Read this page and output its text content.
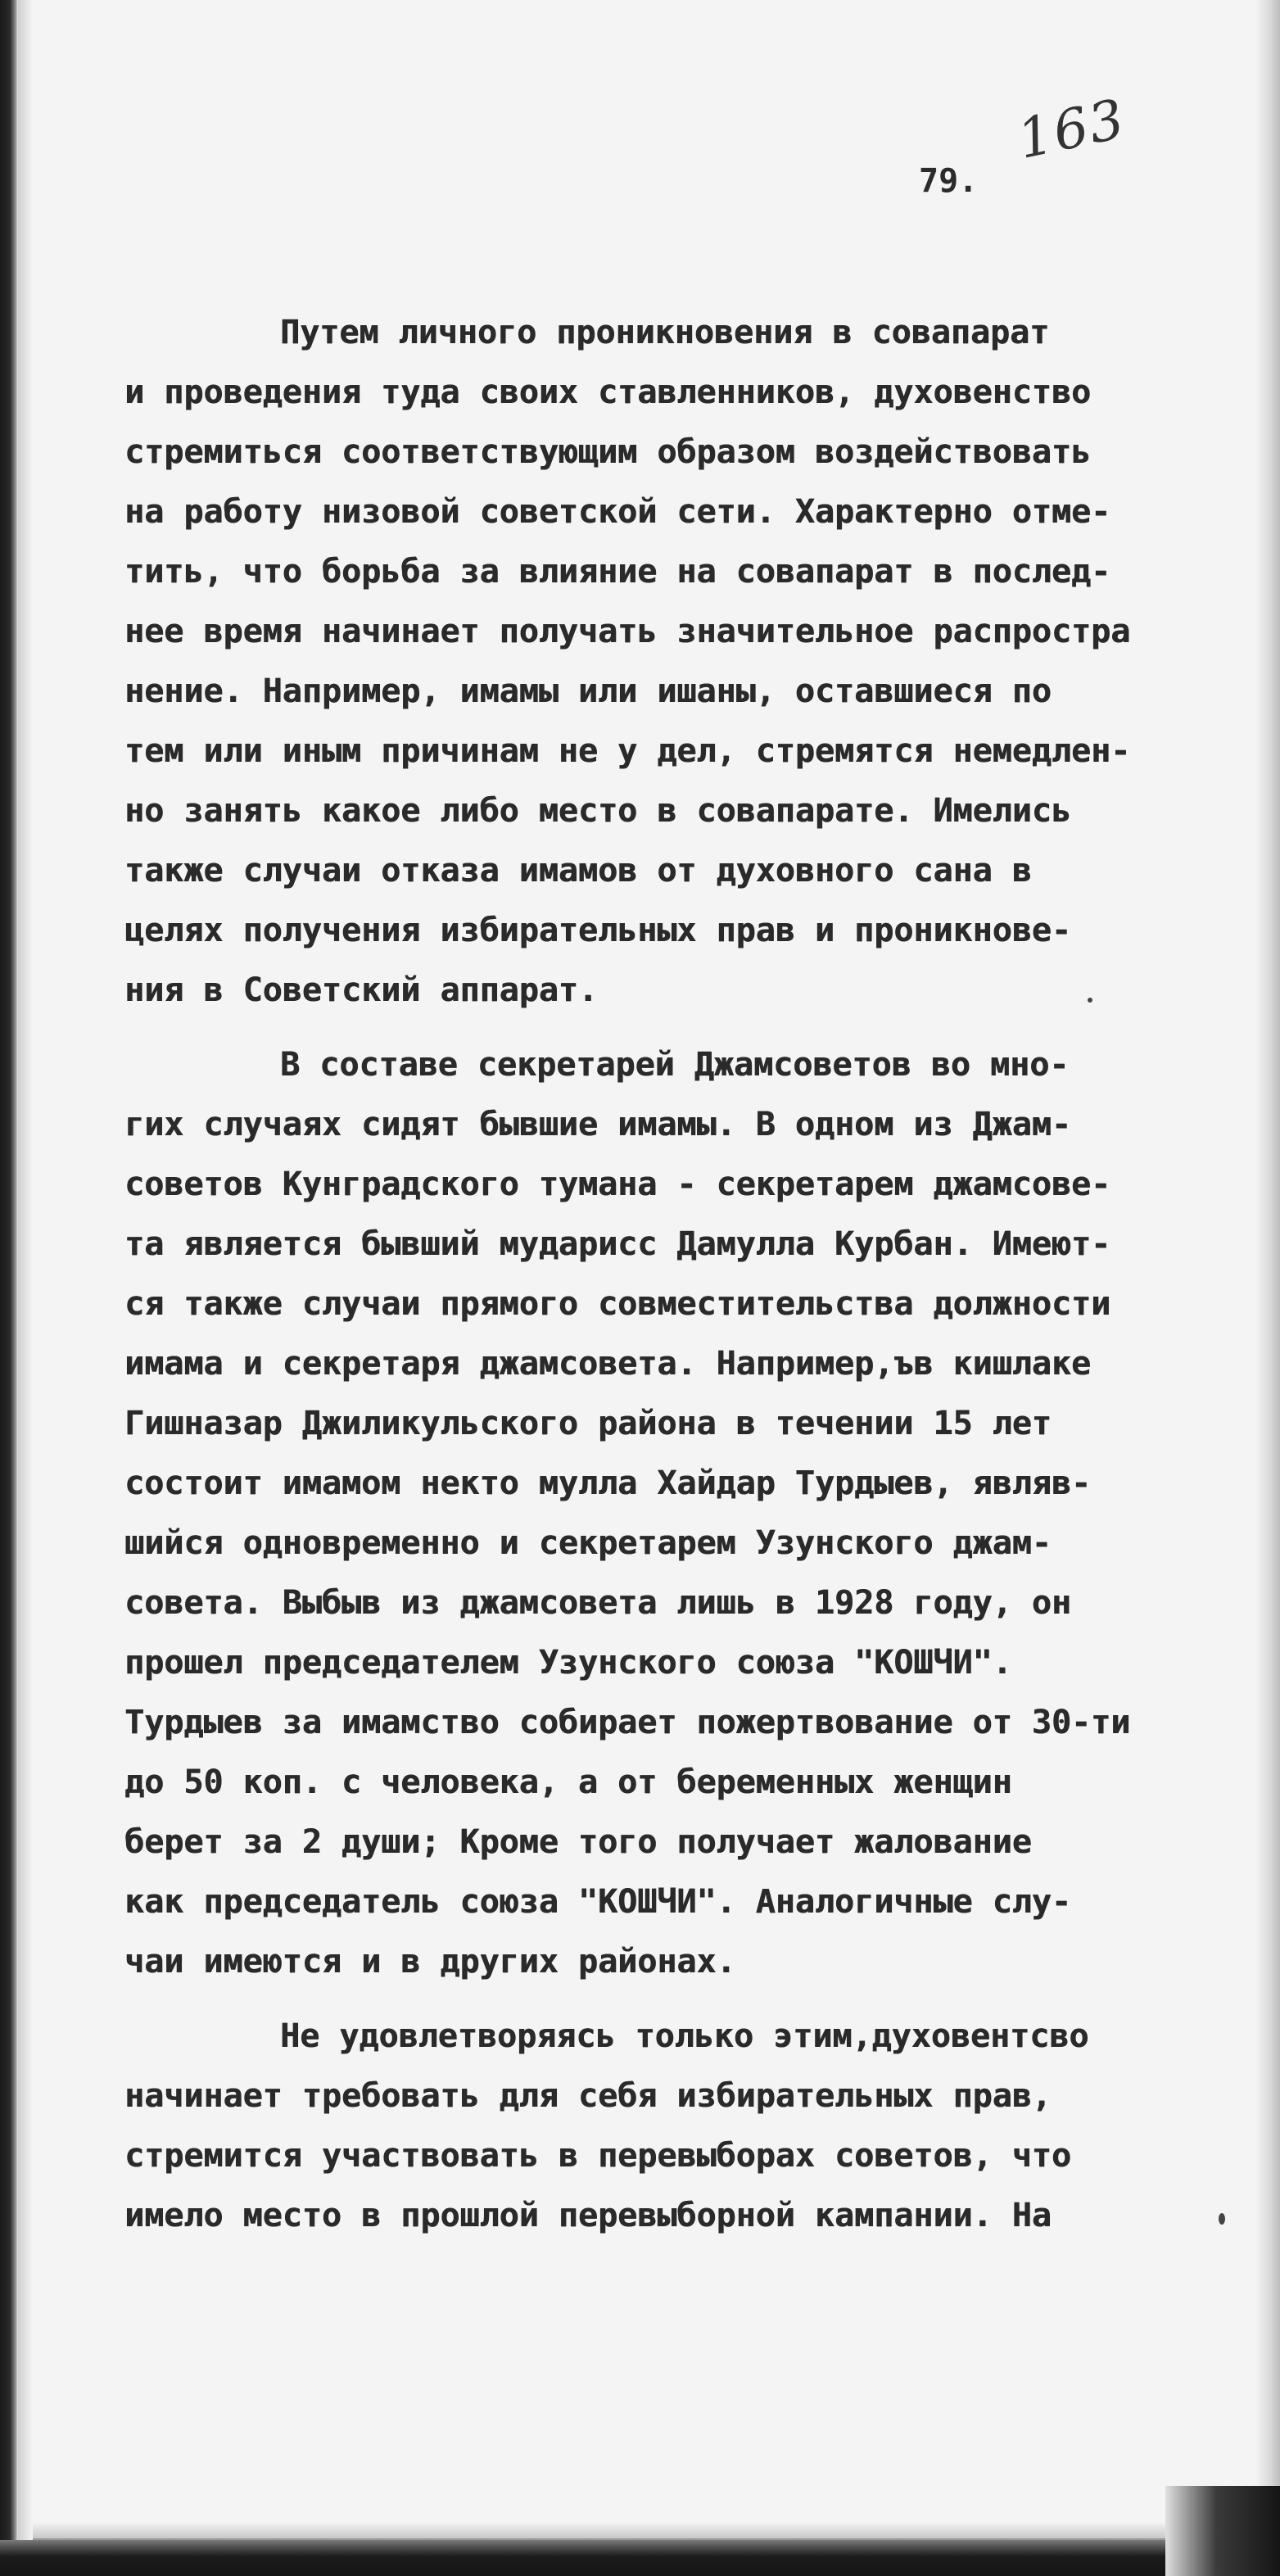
79.
163
Путем личного проникновения в совапарат
и проведения туда своих ставленников, духовенство
стремиться соответствующим образом воздействовать
на работу низовой советской сети. Характерно отме-
тить, что борьба за влияние на совапарат в послед-
нее время начинает получать значительное распростра
нение. Например, имамы или ишаны, оставшиеся по
тем или иным причинам не у дел, стремятся немедлен-
но занять какое либо место в совапарате. Имелись
также случаи отказа имамов от духовного сана в
целях получения избирательных прав и проникнове-
ния в Советский аппарат.
В составе секретарей Джамсоветов во мно-
гих случаях сидят бывшие имамы. В одном из Джам-
советов Кунградского тумана - секретарем джамсове-
та является бывший мударисс Дамулла Курбан. Имеют-
ся также случаи прямого совместительства должности
имама и секретаря джамсовета. Например,ъв кишлаке
Гишназар Джиликульского района в течении 15 лет
состоит имамом некто мулла Хайдар Турдыев, являв-
шийся одновременно и секретарем Узунского джам-
совета. Выбыв из джамсовета лишь в 1928 году, он
прошел председателем Узунского союза "КОШЧИ".
Турдыев за имамство собирает пожертвование от 30-ти
до 50 коп. с человека, а от беременных женщин
берет за 2 души; Кроме того получает жалованиe
как председатель союза "КОШЧИ". Аналогичные слу-
чаи имеются и в других районах.
Не удовлетворяясь только этим,духовентсво
начинает требовать для себя избирательных прав,
стремится участвовать в перевыборах советов, что
имело место в прошлой перевыборной кампании. На
